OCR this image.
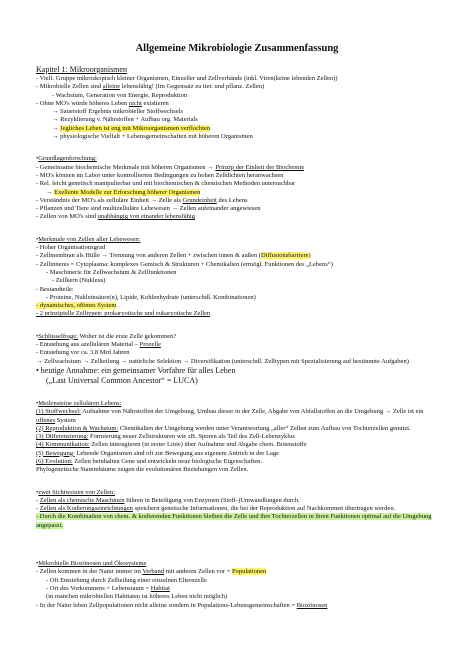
Allgemeine Mikrobiologie Zusammenfassung
Kapitel 1: Mikroorganismen
- Vielf. Gruppe mikroskopisch kleiner Organismen, Einzeller und Zellverbände (inkl. Viren(keine lebenden Zellen))
- Mikrobielle Zellen sind alleine lebensfähig! (Im Gegensatz zu tier. und pflanz. Zellen)
- Wachstum, Generation von Energie, Reproduktion
- Ohne MO's würde höheres Leben nicht existieren
→ Sauerstoff Ergebnis mikrobieller Stoffwechsels
→ Rezyklierung v. Nährstoffen + Aufbau org. Materials
→ Jegliches Leben ist eng mit Mikroorganismen verflochten
→ physiologische Vielfalt + Lebensgemeinschaften mit höheren Organismen
•Grundlagenforschung:
- Gemeinsame biochemische Merkmale mit höheren Organismen → Prinzip der Einheit der Biochemie
- MO's können im Labor unter kontrollierten Bedingungen zu hohen Zelldichten heranwachsen
- Rel. leicht genetisch manipulierbar und mit biochemischen & chemischen Methoden untersuchbar
→ Exellente Modelle zur Erforschung höherer Organismen
- Verständnis der MO's als zelluläre Einheit → Zelle als Grundeinheit des Lebens
- Pflanzen und Tiere sind multizelluläre Lebewesen → Zellen aufeinander angewiesen
- Zellen von MO's sind unabhängig von einander lebensfähig
•Merkmale von Zellen aller Lebewesen:
- Hoher Organisationsgrad
- Zellmembran als Hülle → Trennung von anderen Zellen + zwischen innen & außen (Diffusionsbarriere)
- Zellinneres = Cytoplasma: komplexes Gemisch & Strukturen + Chemikalien (ermögl. Funktionen des „Lebens“)
- Maschinerie für Zellwachstum & Zellfunktionen
- Zellkern (Nukleus)
- Bestandteile:
- Proteine, Nukleinsäure(n), Lipide, Kohlenhydrate (unterschdl. Kombinationen)
- dynamisches, offenes System
- 2 prinzipielle Zelltypen: prokaryotische und eukaryotische Zellen
•Schlüsselfrage: Woher ist die erste Zelle gekommen?
- Entstehung aus azellulären Material – Prozelle
- Entstehung vor ca. 3.8 Mrd Jahren
→ Zellwachstum → Zellteilung → natürliche Selektion → Diversifikation (unterschdl. Zelltypen mit Spezialisierung auf bestimmte Aufgaben)
• heutige Annahme: ein gemeinsamer Vorfahre für alles Leben
(„Last Universal Common Ancestor“ = LUCA)
•Meilensteine zellulären Lebens:
(1) Stoffwechsel: Aufnahme von Nährstoffen der Umgebung, Umbau dieser in der Zelle, Abgabe von Abfallstoffen an die Umgebung → Zelle ist ein offenes System
(2) Reproduktion & Wachstum: Chemikalien der Umgebung werden unter Verantwortung „aller“ Zellen zum Aufbau von Tochterzellen genutzt.
(3) Differenzierung: Formierung neuer Zellstrukturen wie zB. Sporen als Teil des Zell-Lebenzyklus
(4) Kommunikation: Zellen interagieren (in erster Linie) über Aufnahme und Abgabe chem. Botenstoffe
(5) Bewegung: Lebende Organismen sind oft zur Bewegung aus eigenem Antrieb in der Lage
(6) Evolution: Zellen beinhalten Gene und entwickeln neue biologische Eigenschaften.
Phylogenetische Stammbäume zeigen die evolutionären Beziehungen von Zellen.
•zwei Sichtweisen von Zellen:
- Zellen als chemische Maschinen führen in Beteiligung von Enzymen (Stoff-)Umwandlungen durch.
- Zellen als Kodierungseinrichtungen speichern genetische Informationen, die bei der Reproduktion auf Nachkommen übertragen werden.
- Durch die Kombination von chem. & kodierenden Funktionen bleiben die Zelle und ihre Tochterzellen in ihren Funktionen optimal auf die Umgebung angepasst.
•Mikrobielle Biozönosen und Ökosysteme
- Zellen kommen in der Natur immer im Verband mit anderen Zellen vor = Populationen
- Oft Entstehung durch Zellteilung einer einzelnen Elternzelle
- Ort des Vorkommens = Lebensraum = Habitat
(in manchen mikrobiellen Habitaten ist höheres Leben nicht möglich)
- In der Natur leben Zellpopulationen nicht alleine sondern in Populations-Lebensgemeinschaften = Biozönosen
